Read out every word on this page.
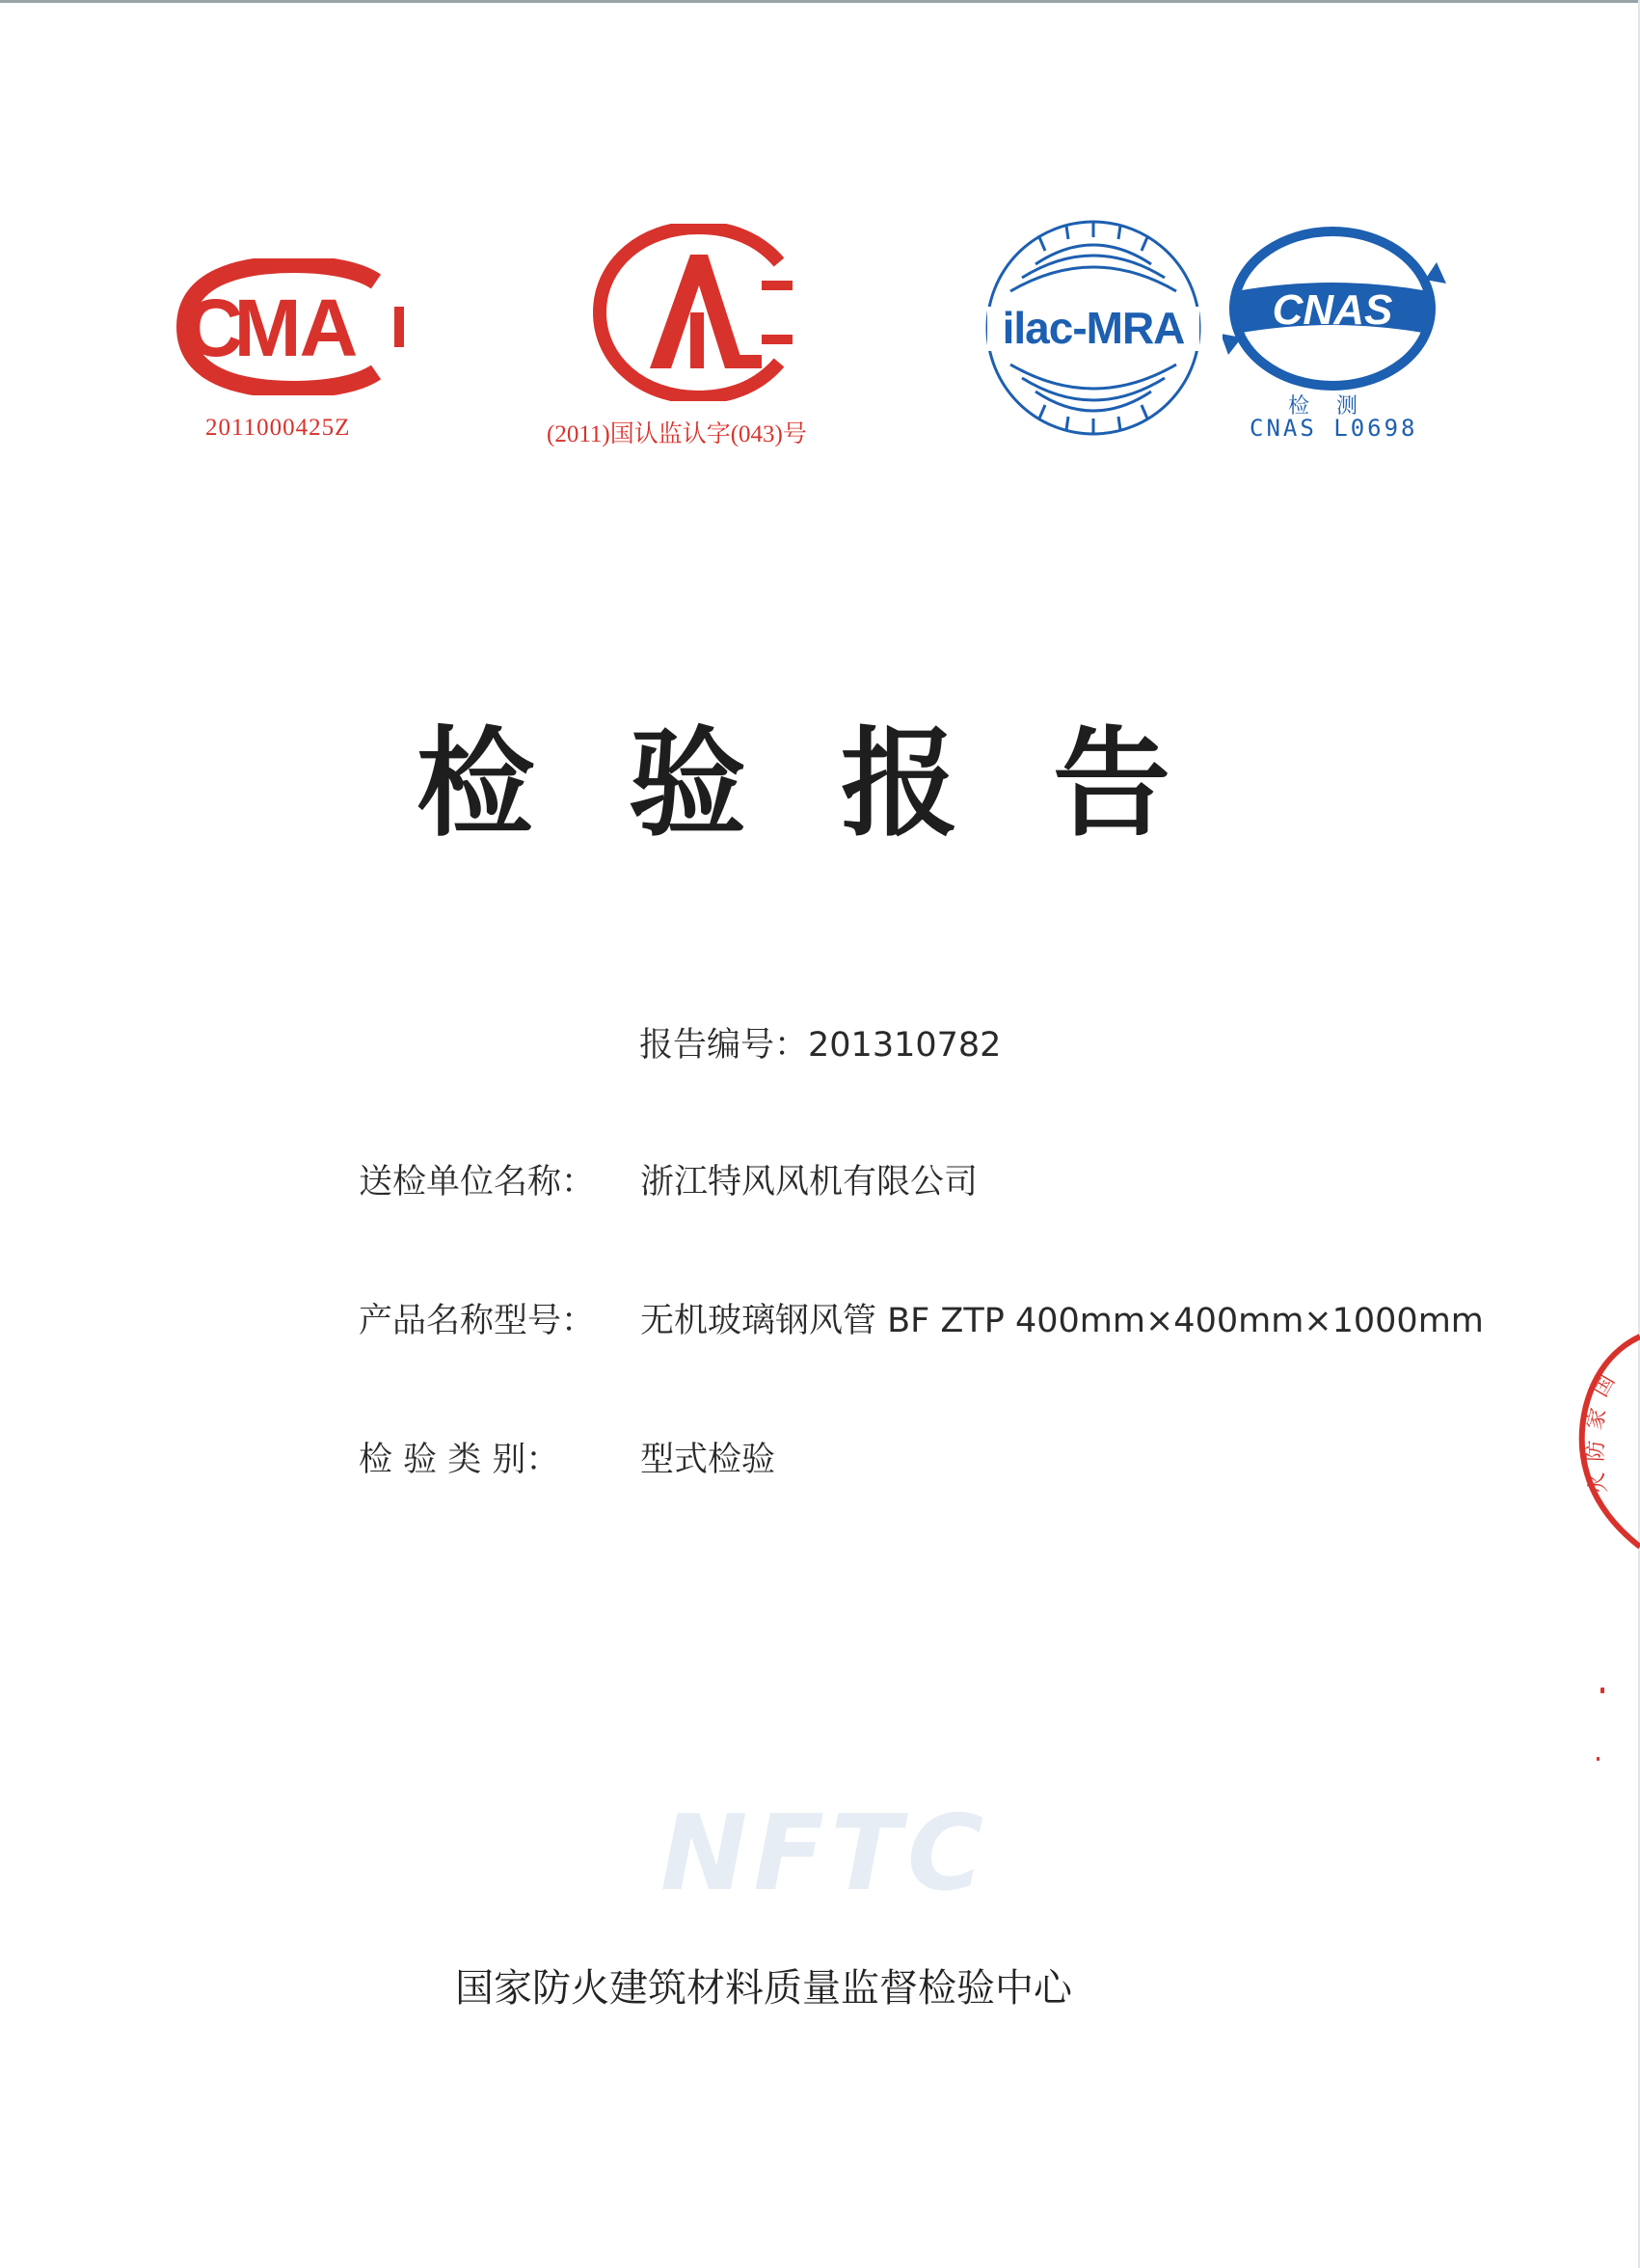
MA
C
2011000425Z	(2011)国认监认字(043)号
ilac-MRA CNAS
检测
CNAS L0698
检验报告
报告编号：201310782
送检单位名称： 浙江特风风机有限公司
产品名称型号： 无机玻璃钢风管 BF ZTP 400mm×400mm×1000mm
检 验 类 别： 型式检验
NFTC
国家防火建筑材料质量监督检验中心
国
家
防
火
